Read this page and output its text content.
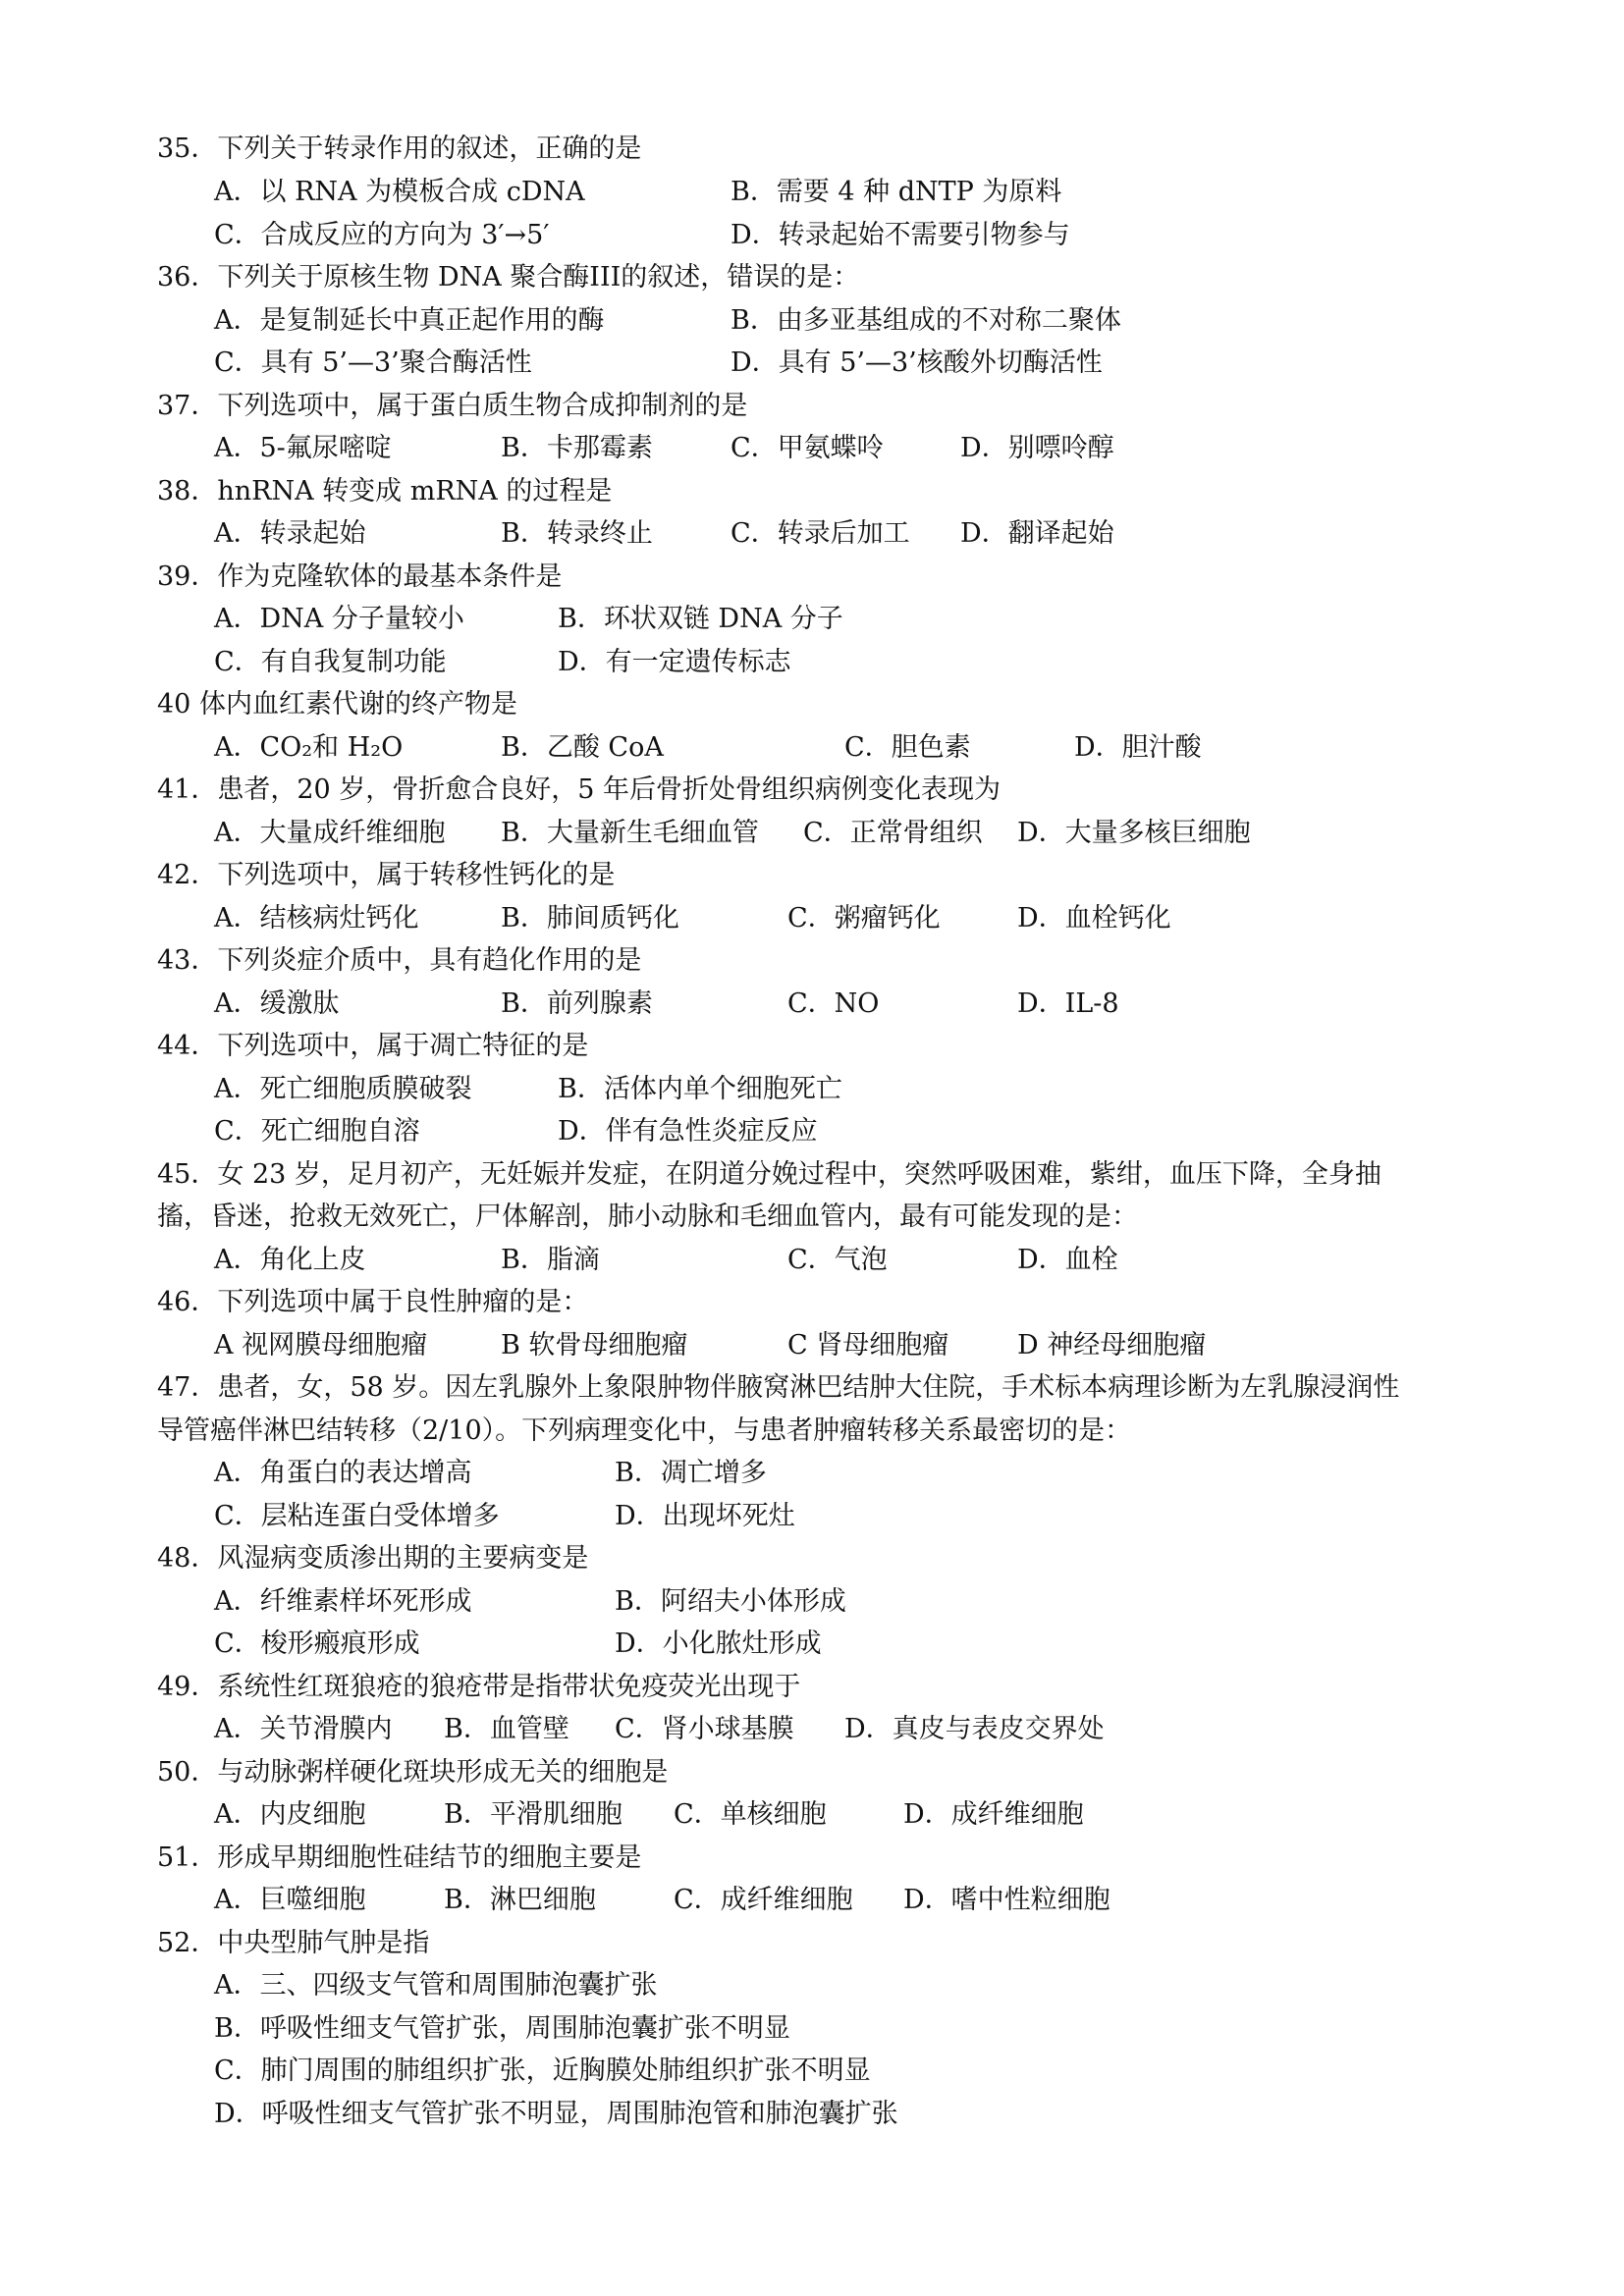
35．下列关于转录作用的叙述，正确的是
A．以 RNA 为模板合成 cDNA	B．需要 4 种 dNTP 为原料
C．合成反应的方向为 3′→5′	D．转录起始不需要引物参与
36．下列关于原核生物 DNA 聚合酶III的叙述，错误的是：
A．是复制延长中真正起作用的酶	B．由多亚基组成的不对称二聚体
C．具有 5’—3’聚合酶活性	D．具有 5’—3’核酸外切酶活性
37．下列选项中，属于蛋白质生物合成抑制剂的是
A．5-氟尿嘧啶	B．卡那霉素	C．甲氨蝶呤	D．别嘌呤醇
38．hnRNA 转变成 mRNA 的过程是
A．转录起始	B．转录终止	C．转录后加工 D．翻译起始
39．作为克隆软体的最基本条件是
A．DNA 分子量较小	B．环状双链 DNA 分子
C．有自我复制功能	D．有一定遗传标志
40 体内血红素代谢的终产物是
A．CO₂和 H₂O	B．乙酸 CoA	C．胆色素	D．胆汁酸
41．患者，20 岁，骨折愈合良好，5 年后骨折处骨组织病例变化表现为
A．大量成纤维细胞 B．大量新生毛细血管 C．正常骨组织 D．大量多核巨细胞
42．下列选项中，属于转移性钙化的是
A．结核病灶钙化	B．肺间质钙化	C．粥瘤钙化	D．血栓钙化
43．下列炎症介质中，具有趋化作用的是
A．缓激肽	B．前列腺素	C．NO	D．IL-8
44．下列选项中，属于凋亡特征的是
A．死亡细胞质膜破裂	B．活体内单个细胞死亡
C．死亡细胞自溶	D．伴有急性炎症反应
45．女 23 岁，足月初产，无妊娠并发症，在阴道分娩过程中，突然呼吸困难，紫绀，血压下降，全身抽
搐，昏迷，抢救无效死亡，尸体解剖，肺小动脉和毛细血管内，最有可能发现的是：
A．角化上皮	B．脂滴	C．气泡	D．血栓
46．下列选项中属于良性肿瘤的是：
A 视网膜母细胞瘤	B 软骨母细胞瘤	C 肾母细胞瘤	D 神经母细胞瘤
47．患者，女，58 岁。因左乳腺外上象限肿物伴腋窝淋巴结肿大住院，手术标本病理诊断为左乳腺浸润性
导管癌伴淋巴结转移（2/10）。下列病理变化中，与患者肿瘤转移关系最密切的是：
A．角蛋白的表达增高	B．凋亡增多
C．层粘连蛋白受体增多	D．出现坏死灶
48．风湿病变质渗出期的主要病变是
A．纤维素样坏死形成	B．阿绍夫小体形成
C．梭形瘢痕形成	D．小化脓灶形成
49．系统性红斑狼疮的狼疮带是指带状免疫荧光出现于
A．关节滑膜内 B．血管壁 C．肾小球基膜 D．真皮与表皮交界处
50．与动脉粥样硬化斑块形成无关的细胞是
A．内皮细胞	B．平滑肌细胞 C．单核细胞	D．成纤维细胞
51．形成早期细胞性硅结节的细胞主要是
A．巨噬细胞	B．淋巴细胞	C．成纤维细胞 D．嗜中性粒细胞
52．中央型肺气肿是指
A．三、四级支气管和周围肺泡囊扩张
B．呼吸性细支气管扩张，周围肺泡囊扩张不明显
C．肺门周围的肺组织扩张，近胸膜处肺组织扩张不明显
D．呼吸性细支气管扩张不明显，周围肺泡管和肺泡囊扩张
